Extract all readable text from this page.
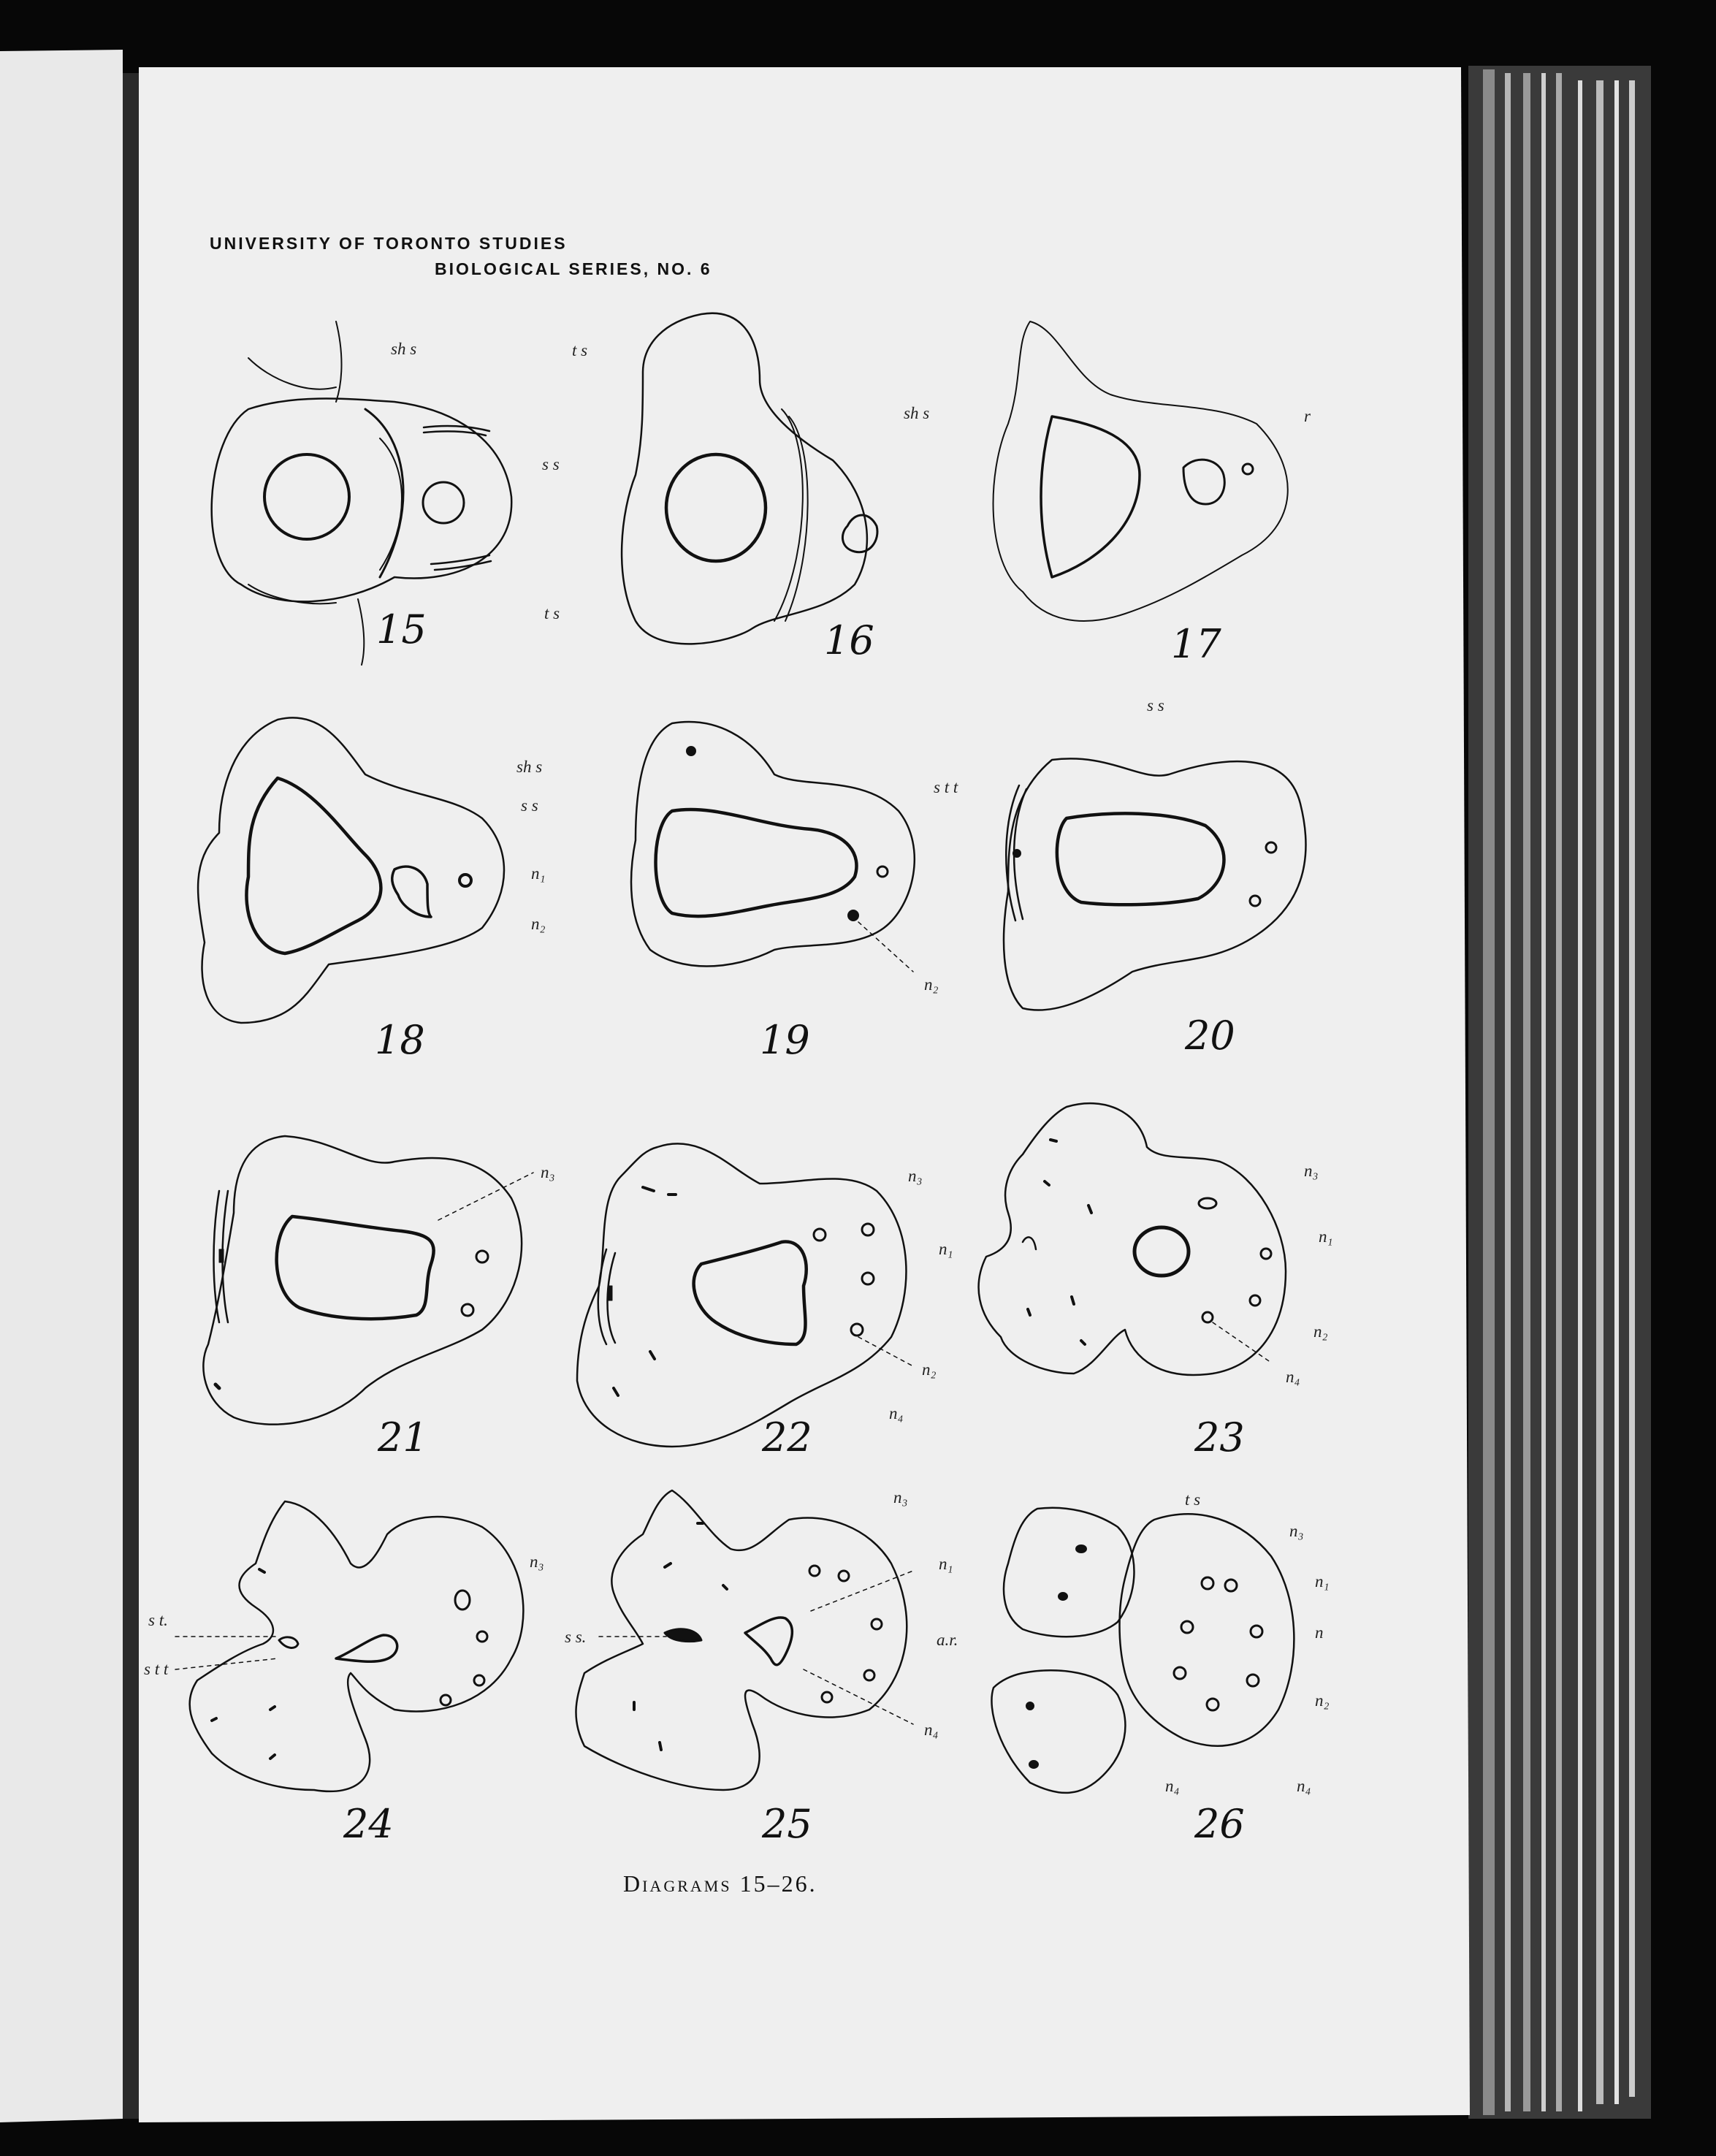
UNIVERSITY OF TORONTO STUDIES
BIOLOGICAL SERIES, NO. 6
15	16	17
18	19	20
21	22	23
24	25	26
sh s	t s
s s
t s
sh s	r
s s
sh s
s s
n₁
n₂
s t t
n₂
n₃	n₃
n₁
n₂
n₄
n₃
n₁
n₂
n₄
n₃
s t.
s t t
n₃
n₁
a.r.
s s.
n₄
t s
n₃
n₁
n
n₂
n₄	n₄
Diagrams 15–26.
